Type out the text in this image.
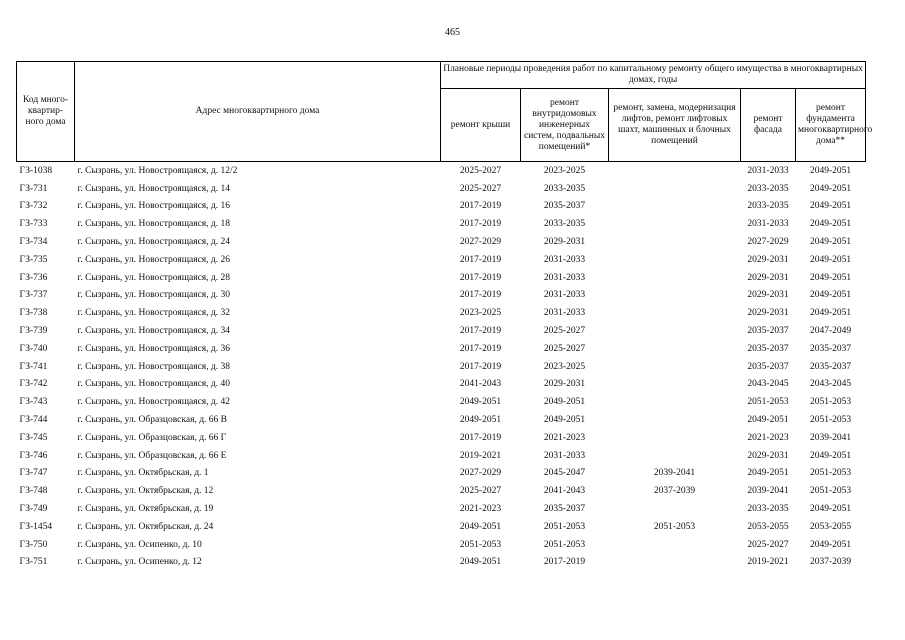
465
Код много-квартир-ного дома	Адрес многоквартирного дома	Плановые периоды проведения работ по капитальному ремонту общего имущества в многоквартирных домах, годы				
		ремонт крыши	ремонт внутридомовых инженерных систем, подвальных помещений*	ремонт, замена, модернизация лифтов, ремонт лифтовых шахт, машинных и блочных помещений	ремонт фасада	ремонт фундамента многоквартирного дома**
ГЗ-1038	г. Сызрань, ул. Новостроящаяся, д. 12/2	2025-2027	2023-2025		2031-2033	2049-2051
ГЗ-731	г. Сызрань, ул. Новостроящаяся, д. 14	2025-2027	2033-2035		2033-2035	2049-2051
ГЗ-732	г. Сызрань, ул. Новостроящаяся, д. 16	2017-2019	2035-2037		2033-2035	2049-2051
ГЗ-733	г. Сызрань, ул. Новостроящаяся, д. 18	2017-2019	2033-2035		2031-2033	2049-2051
ГЗ-734	г. Сызрань, ул. Новостроящаяся, д. 24	2027-2029	2029-2031		2027-2029	2049-2051
ГЗ-735	г. Сызрань, ул. Новостроящаяся, д. 26	2017-2019	2031-2033		2029-2031	2049-2051
ГЗ-736	г. Сызрань, ул. Новостроящаяся, д. 28	2017-2019	2031-2033		2029-2031	2049-2051
ГЗ-737	г. Сызрань, ул. Новостроящаяся, д. 30	2017-2019	2031-2033		2029-2031	2049-2051
ГЗ-738	г. Сызрань, ул. Новостроящаяся, д. 32	2023-2025	2031-2033		2029-2031	2049-2051
ГЗ-739	г. Сызрань, ул. Новостроящаяся, д. 34	2017-2019	2025-2027		2035-2037	2047-2049
ГЗ-740	г. Сызрань, ул. Новостроящаяся, д. 36	2017-2019	2025-2027		2035-2037	2035-2037
ГЗ-741	г. Сызрань, ул. Новостроящаяся, д. 38	2017-2019	2023-2025		2035-2037	2035-2037
ГЗ-742	г. Сызрань, ул. Новостроящаяся, д. 40	2041-2043	2029-2031		2043-2045	2043-2045
ГЗ-743	г. Сызрань, ул. Новостроящаяся, д. 42	2049-2051	2049-2051		2051-2053	2051-2053
ГЗ-744	г. Сызрань, ул. Образцовская, д. 66 В	2049-2051	2049-2051		2049-2051	2051-2053
ГЗ-745	г. Сызрань, ул. Образцовская, д. 66 Г	2017-2019	2021-2023		2021-2023	2039-2041
ГЗ-746	г. Сызрань, ул. Образцовская, д. 66 Е	2019-2021	2031-2033		2029-2031	2049-2051
ГЗ-747	г. Сызрань, ул. Октябрьская, д. 1	2027-2029	2045-2047	2039-2041	2049-2051	2051-2053
ГЗ-748	г. Сызрань, ул. Октябрьская, д. 12	2025-2027	2041-2043	2037-2039	2039-2041	2051-2053
ГЗ-749	г. Сызрань, ул. Октябрьская, д. 19	2021-2023	2035-2037		2033-2035	2049-2051
ГЗ-1454	г. Сызрань, ул. Октябрьская, д. 24	2049-2051	2051-2053	2051-2053	2053-2055	2053-2055
ГЗ-750	г. Сызрань, ул. Осипенко, д. 10	2051-2053	2051-2053		2025-2027	2049-2051
ГЗ-751	г. Сызрань, ул. Осипенко, д. 12	2049-2051	2017-2019		2019-2021	2037-2039
